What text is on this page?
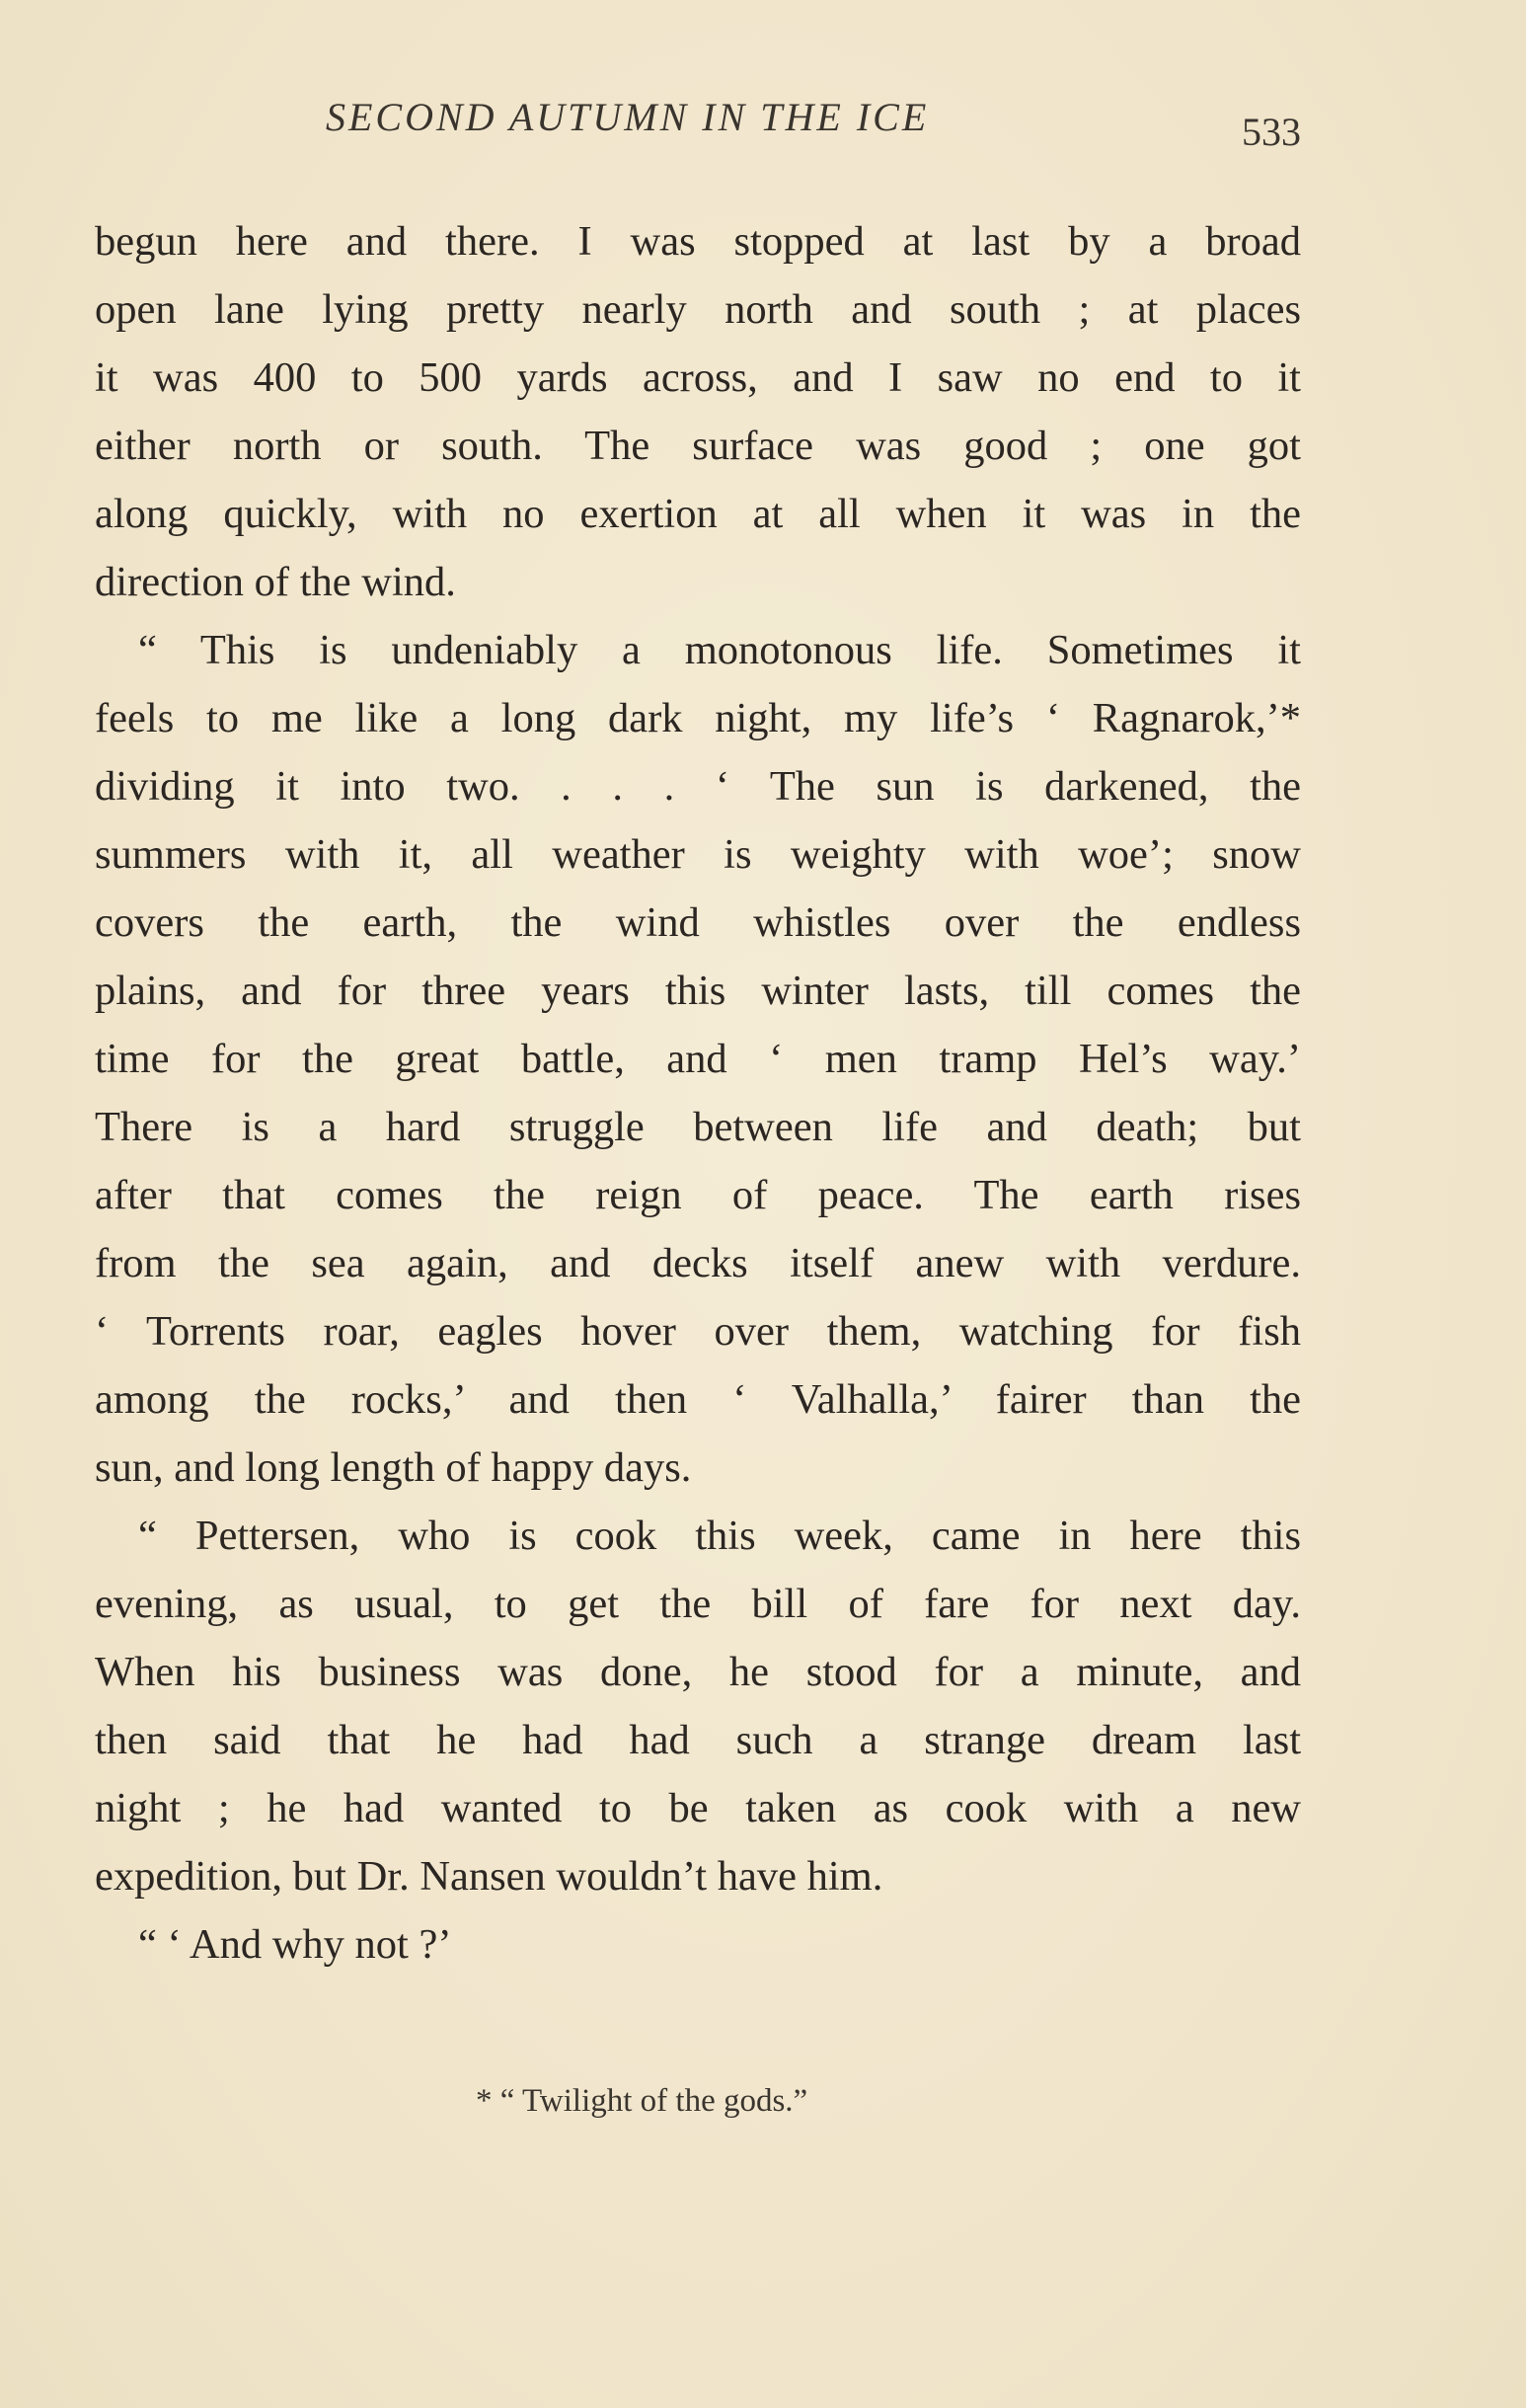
SECOND AUTUMN IN THE ICE	533
begun here and there. I was stopped at last by a broad
open lane lying pretty nearly north and south ; at places
it was 400 to 500 yards across, and I saw no end to it
either north or south. The surface was good ; one got
along quickly, with no exertion at all when it was in the
direction of the wind.
“ This is undeniably a monotonous life. Sometimes it
feels to me like a long dark night, my life’s ‘ Ragnarok,’*
dividing it into two. . . . ‘ The sun is darkened, the
summers with it, all weather is weighty with woe’; snow
covers the earth, the wind whistles over the endless
plains, and for three years this winter lasts, till comes the
time for the great battle, and ‘ men tramp Hel’s way.’
There is a hard struggle between life and death; but
after that comes the reign of peace. The earth rises
from the sea again, and decks itself anew with verdure.
‘ Torrents roar, eagles hover over them, watching for fish
among the rocks,’ and then ‘ Valhalla,’ fairer than the
sun, and long length of happy days.
“ Pettersen, who is cook this week, came in here this
evening, as usual, to get the bill of fare for next day.
When his business was done, he stood for a minute, and
then said that he had had such a strange dream last
night ; he had wanted to be taken as cook with a new
expedition, but Dr. Nansen wouldn’t have him.
“ ‘ And why not ?’
* “ Twilight of the gods.”
